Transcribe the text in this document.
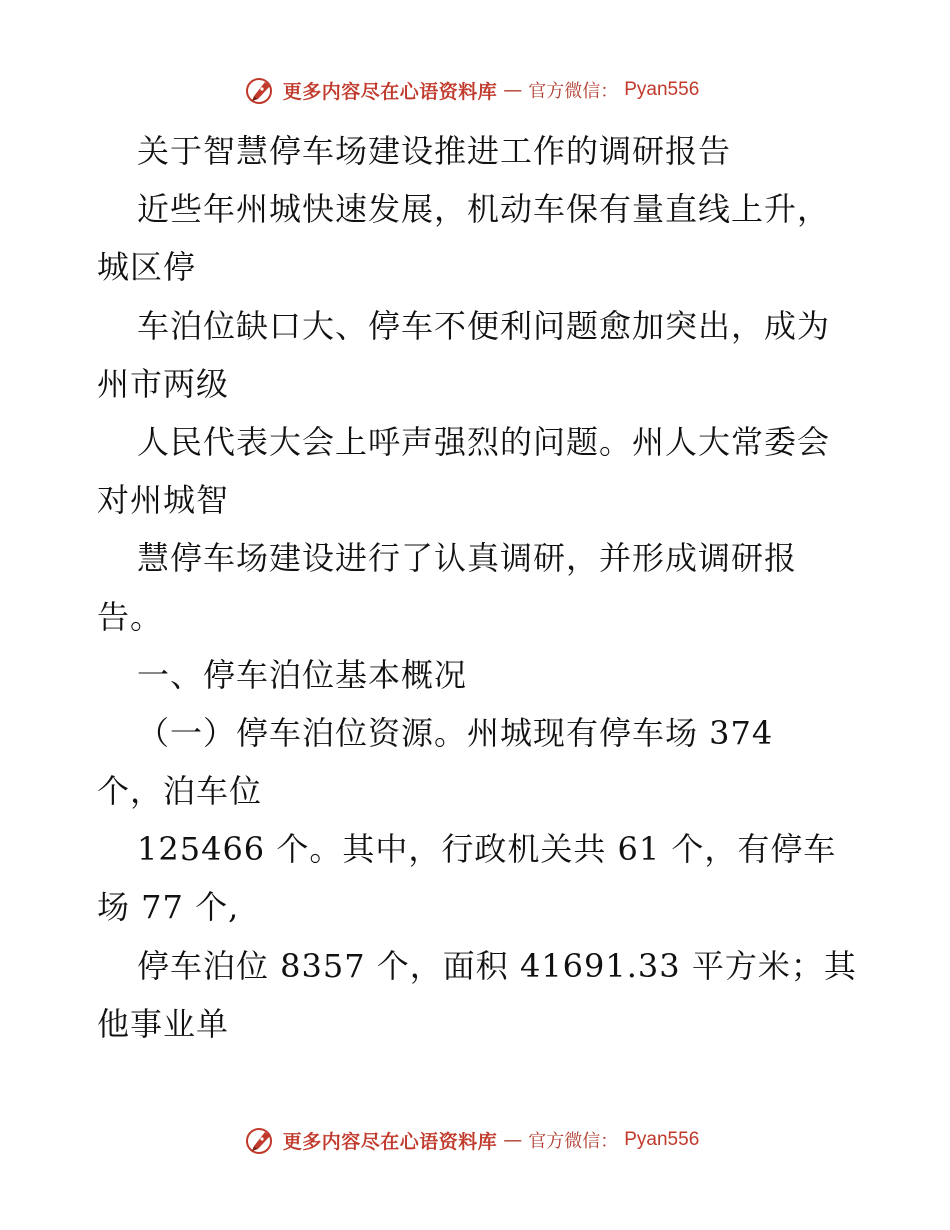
更多内容尽在心语资料库 — 官方微信： Pyan556
关于智慧停车场建设推进工作的调研报告
近些年州城快速发展，机动车保有量直线上升，
城区停
车泊位缺口大、停车不便利问题愈加突出，成为
州市两级
人民代表大会上呼声强烈的问题。州人大常委会
对州城智
慧停车场建设进行了认真调研，并形成调研报
告。
一、停车泊位基本概况
（一）停车泊位资源。州城现有停车场 374
个，泊车位
125466 个。其中，行政机关共 61 个，有停车
场 77 个,
停车泊位 8357 个，面积 41691.33 平方米；其
他事业单
更多内容尽在心语资料库 — 官方微信： Pyan556
